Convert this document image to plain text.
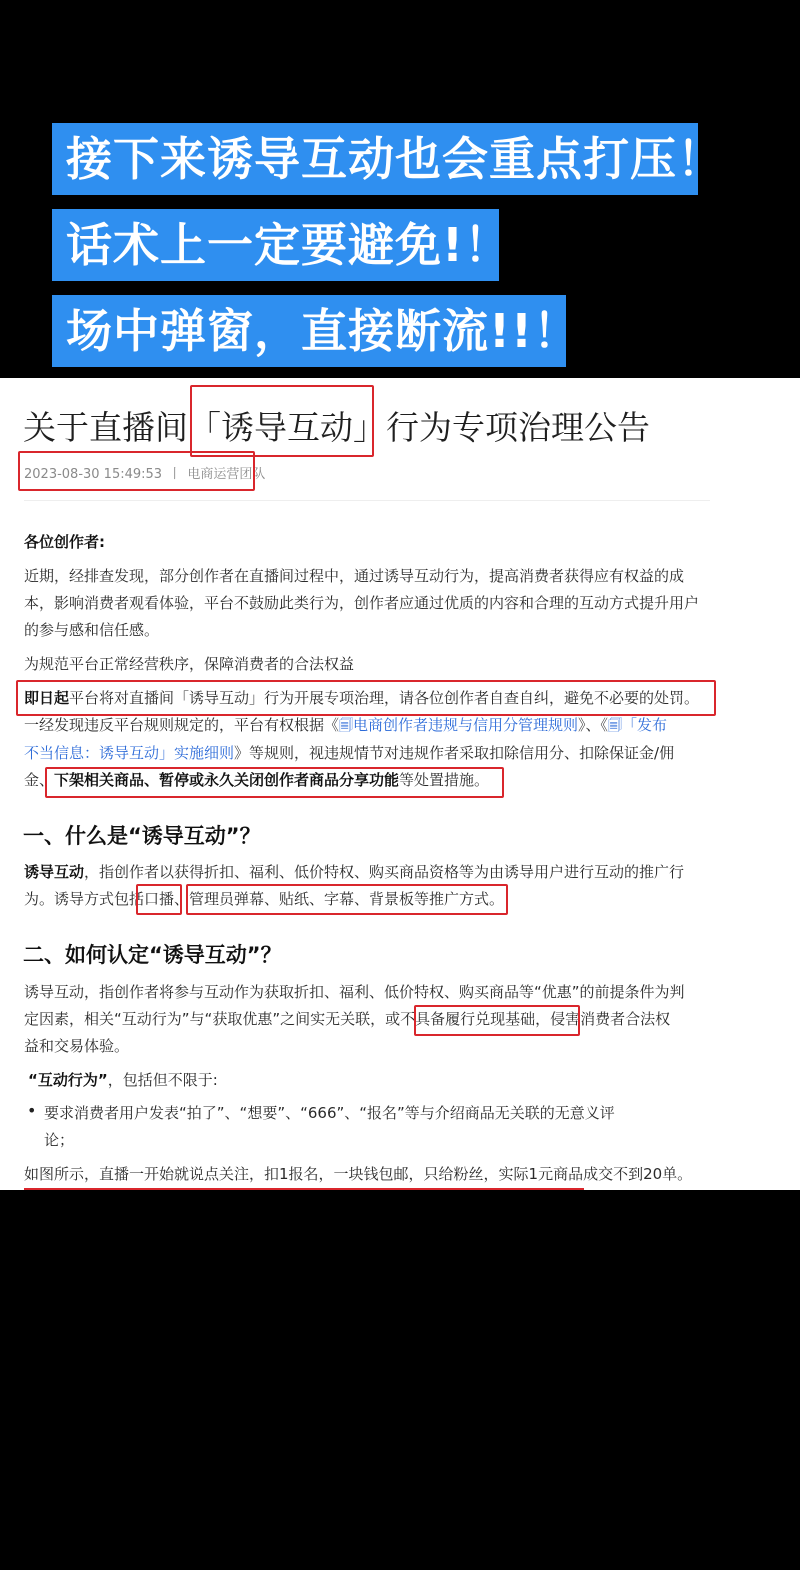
接下来诱导互动也会重点打压！
话术上一定要避免!！
场中弹窗，直接断流!!！
关于直播间「诱导互动」行为专项治理公告
2023-08-30 15:49:53 丨 电商运营团队
各位创作者:
近期，经排查发现，部分创作者在直播间过程中，通过诱导互动行为，提高消费者获得应有权益的成
本，影响消费者观看体验，平台不鼓励此类行为，创作者应通过优质的内容和合理的互动方式提升用户
的参与感和信任感。
为规范平台正常经营秩序，保障消费者的合法权益
即日起平台将对直播间「诱导互动」行为开展专项治理，请各位创作者自查自纠，避免不必要的处罚。
一经发现违反平台规则规定的，平台有权根据《🗐电商创作者违规与信用分管理规则》、《🗐「发布
不当信息：诱导互动」实施细则》等规则，视违规情节对违规作者采取扣除信用分、扣除保证金/佣
金、下架相关商品、暂停或永久关闭创作者商品分享功能等处置措施。
一、什么是“诱导互动”？
诱导互动，指创作者以获得折扣、福利、低价特权、购买商品资格等为由诱导用户进行互动的推广行
为。诱导方式包括口播、管理员弹幕、贴纸、字幕、背景板等推广方式。
二、如何认定“诱导互动”？
诱导互动，指创作者将参与互动作为获取折扣、福利、低价特权、购买商品等“优惠”的前提条件为判
定因素，相关“互动行为”与“获取优惠”之间实无关联，或不具备履行兑现基础，侵害消费者合法权
益和交易体验。
“互动行为”，包括但不限于:
• 要求消费者用户发表“拍了”、“想要”、“666”、“报名”等与介绍商品无关联的无意义评
论；
如图所示，直播一开始就说点关注，扣1报名，一块钱包邮，只给粉丝，实际1元商品成交不到20单。
